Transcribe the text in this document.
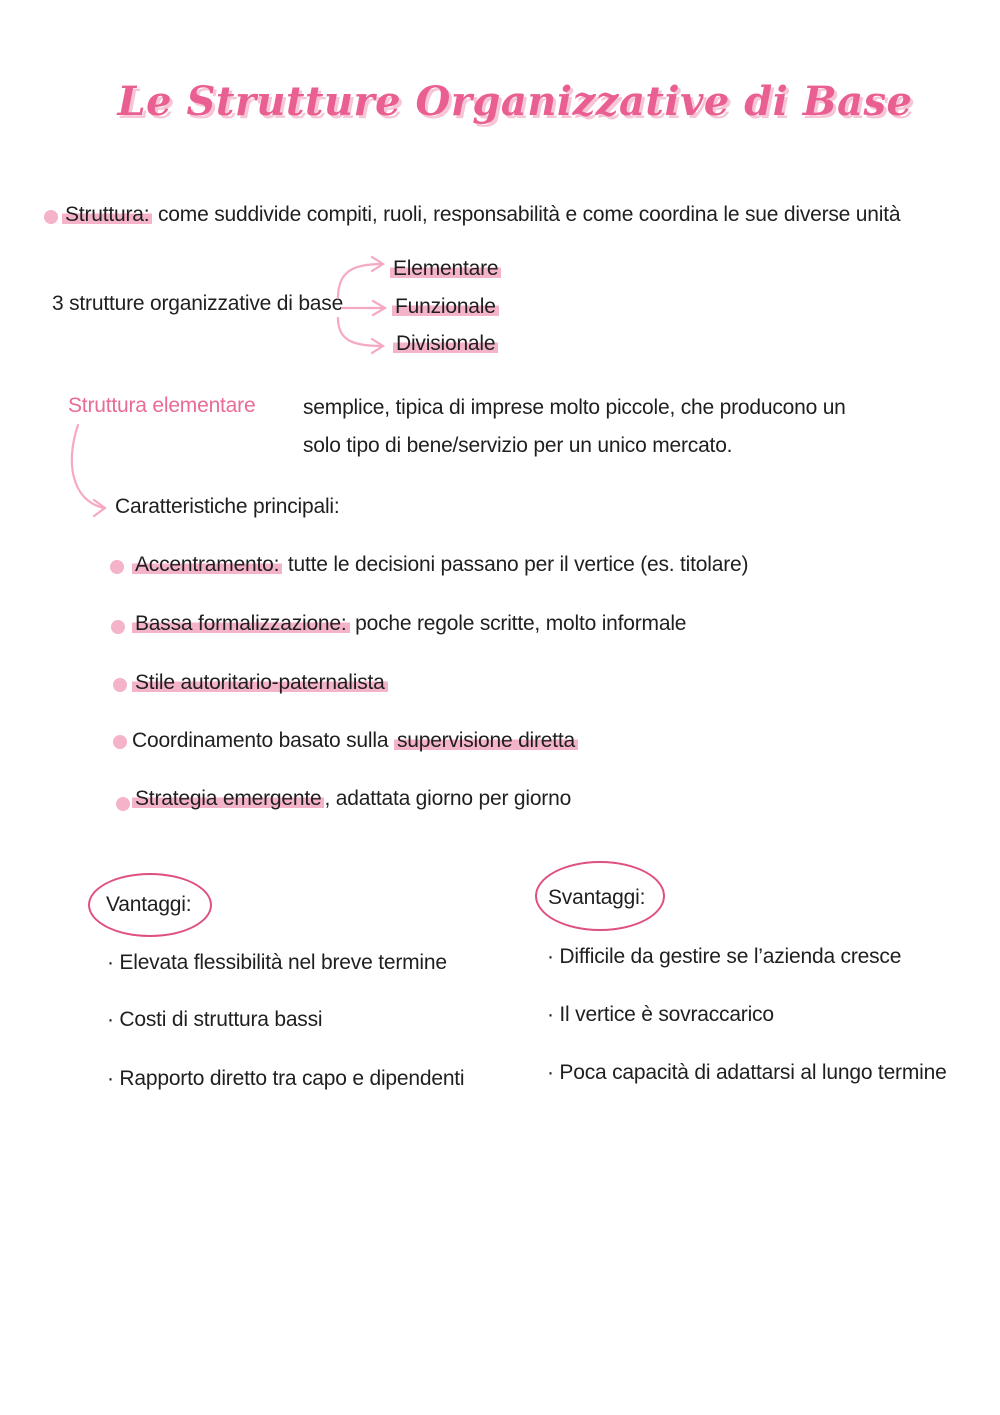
Le Strutture Organizzative di Base
Struttura: come suddivide compiti, ruoli, responsabilità e come coordina le sue diverse unità
3 strutture organizzative di base
Elementare
Funzionale
Divisionale
Struttura elementare semplice, tipica di imprese molto piccole, che producono un
solo tipo di bene/servizio per un unico mercato.
Caratteristiche principali:
Accentramento: tutte le decisioni passano per il vertice (es. titolare)
Bassa formalizzazione: poche regole scritte, molto informale
Stile autoritario-paternalista
Coordinamento basato sulla supervisione diretta
Strategia emergente , adattata giorno per giorno
Vantaggi:
· Elevata flessibilità nel breve termine
· Costi di struttura bassi
· Rapporto diretto tra capo e dipendenti
Svantaggi:
· Difficile da gestire se l’azienda cresce
· Il vertice è sovraccarico
· Poca capacità di adattarsi al lungo termine
